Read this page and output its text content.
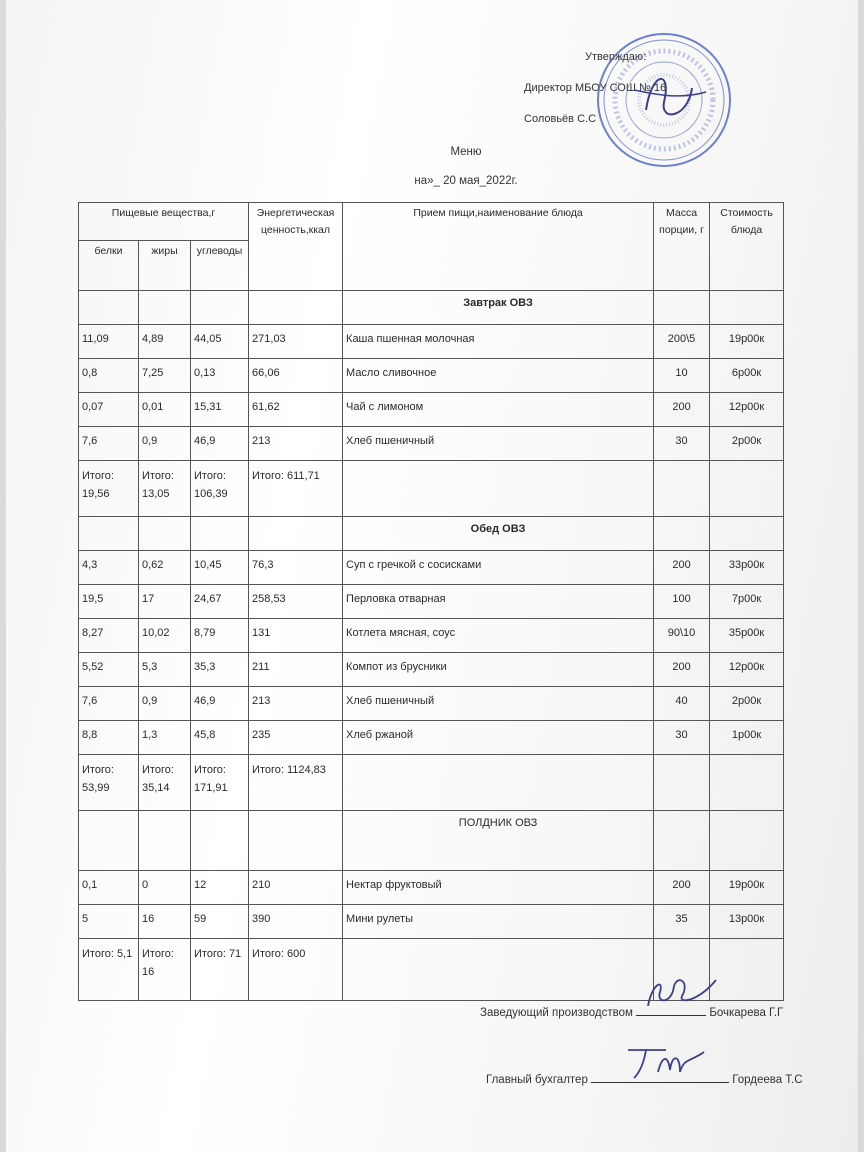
Утверждаю:
Директор МБОУ СОШ № 16
Соловьёв С.С
Меню
на»_ 20 мая_2022г.
Пищевые вещества,г			Энергетическая ценность,ккал	Прием пищи,наименование блюда	Масса порции, г	Стоимость блюда
белки	жиры	углеводы				
				Завтрак ОВЗ		
11,09	4,89	44,05	271,03	Каша пшенная молочная	200\5	19р00к
0,8	7,25	0,13	66,06	Масло сливочное	10	6р00к
0,07	0,01	15,31	61,62	Чай с лимоном	200	12р00к
7,6	0,9	46,9	213	Хлеб пшеничный	30	2р00к
Итого: 19,56	Итого: 13,05	Итого: 106,39	Итого: 611,71			
				Обед ОВЗ		
4,3	0,62	10,45	76,3	Суп с гречкой с сосисками	200	33р00к
19,5	17	24,67	258,53	Перловка отварная	100	7р00к
8,27	10,02	8,79	131	Котлета мясная, соус	90\10	35р00к
5,52	5,3	35,3	211	Компот из брусники	200	12р00к
7,6	0,9	46,9	213	Хлеб пшеничный	40	2р00к
8,8	1,3	45,8	235	Хлеб ржаной	30	1р00к
Итого: 53,99	Итого: 35,14	Итого: 171,91	Итого: 1124,83			
				ПОЛДНИК ОВЗ		
0,1	0	12	210	Нектар фруктовый	200	19р00к
5	16	59	390	Мини рулеты	35	13р00к
Итого: 5,1	Итого: 16	Итого: 71	Итого: 600			
Заведующий производством	Бочкарева Г.Г
Главный бухгалтер	Гордеева Т.С
